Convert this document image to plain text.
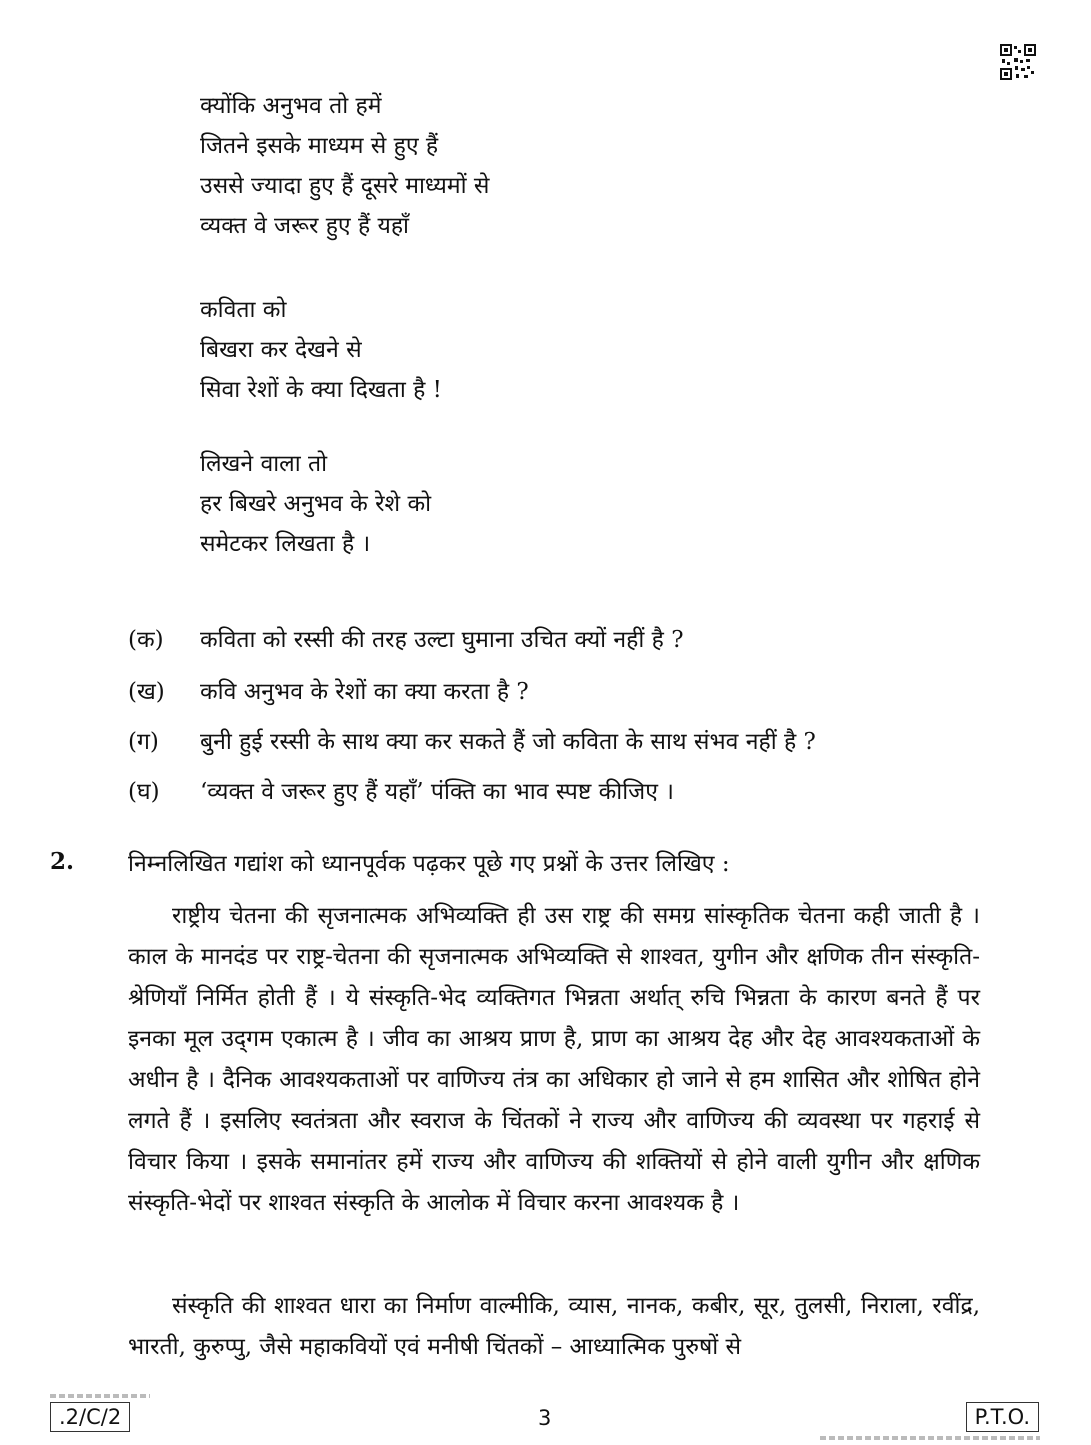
क्योंकि अनुभव तो हमें
जितने इसके माध्यम से हुए हैं
उससे ज्यादा हुए हैं दूसरे माध्यमों से
व्यक्त वे जरूर हुए हैं यहाँ
कविता को
बिखरा कर देखने से
सिवा रेशों के क्या दिखता है !
लिखने वाला तो
हर बिखरे अनुभव के रेशे को
समेटकर लिखता है ।
(क) कविता को रस्सी की तरह उल्टा घुमाना उचित क्यों नहीं है ?
(ख) कवि अनुभव के रेशों का क्या करता है ?
(ग) बुनी हुई रस्सी के साथ क्या कर सकते हैं जो कविता के साथ संभव नहीं है ?
(घ) ‘व्यक्त वे जरूर हुए हैं यहाँ’ पंक्ति का भाव स्पष्ट कीजिए ।
2. निम्नलिखित गद्यांश को ध्यानपूर्वक पढ़कर पूछे गए प्रश्नों के उत्तर लिखिए :

राष्ट्रीय चेतना की सृजनात्मक अभिव्यक्ति ही उस राष्ट्र की समग्र सांस्कृतिक चेतना कही जाती है । काल के मानदंड पर राष्ट्र-चेतना की सृजनात्मक अभिव्यक्ति से शाश्वत, युगीन और क्षणिक तीन संस्कृति-श्रेणियाँ निर्मित होती हैं । ये संस्कृति-भेद व्यक्तिगत भिन्नता अर्थात् रुचि भिन्नता के कारण बनते हैं पर इनका मूल उद्‌गम एकात्म है । जीव का आश्रय प्राण है, प्राण का आश्रय देह और देह आवश्यकताओं के अधीन है । दैनिक आवश्यकताओं पर वाणिज्य तंत्र का अधिकार हो जाने से हम शासित और शोषित होने लगते हैं । इसलिए स्वतंत्रता और स्वराज के चिंतकों ने राज्य और वाणिज्य की व्यवस्था पर गहराई से विचार किया । इसके समानांतर हमें राज्य और वाणिज्य की शक्तियों से होने वाली युगीन और क्षणिक संस्कृति-भेदों पर शाश्वत संस्कृति के आलोक में विचार करना आवश्यक है ।

संस्कृति की शाश्वत धारा का निर्माण वाल्मीकि, व्यास, नानक, कबीर, सूर, तुलसी, निराला, रवींद्र, भारती, कुरुप्पु, जैसे महाकवियों एवं मनीषी चिंतकों – आध्यात्मिक पुरुषों से

.2/C/2	3	P.T.O.
